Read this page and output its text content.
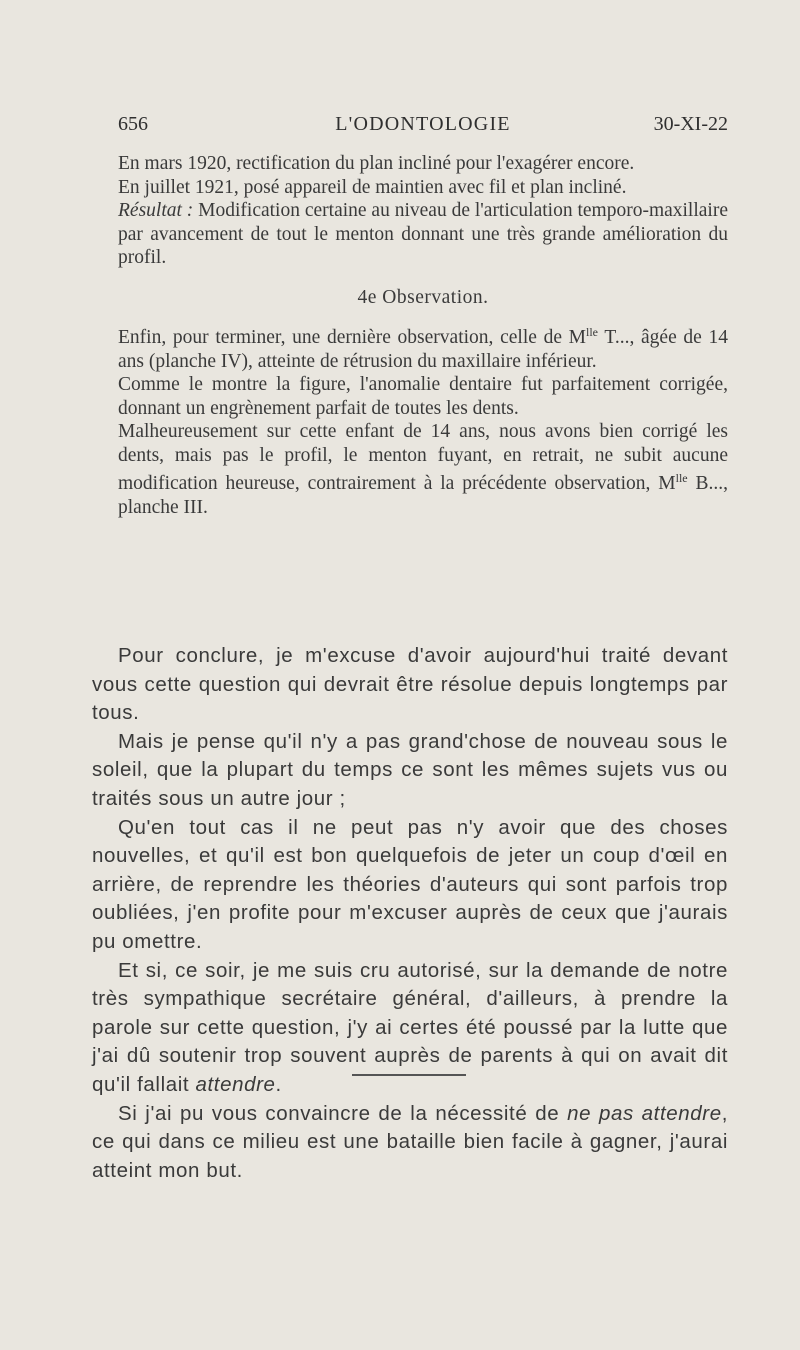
656	L'ODONTOLOGIE	30-XI-22

En mars 1920, rectification du plan incliné pour l'exagérer encore.

En juillet 1921, posé appareil de maintien avec fil et plan incliné.

Résultat : Modification certaine au niveau de l'articulation temporo-maxillaire par avancement de tout le menton donnant une très grande amélioration du profil.

4e Observation.

Enfin, pour terminer, une dernière observation, celle de $M^{lle}$ T..., âgée de 14 ans (planche IV), atteinte de rétrusion du maxillaire inférieur.

Comme le montre la figure, l'anomalie dentaire fut parfaitement corrigée, donnant un engrènement parfait de toutes les dents.

Malheureusement sur cette enfant de 14 ans, nous avons bien corrigé les dents, mais pas le profil, le menton fuyant, en retrait, ne subit aucune modification heureuse, contrairement à la précédente observation, $M^{lle}$ B..., planche III.

Pour conclure, je m'excuse d'avoir aujourd'hui traité devant vous cette question qui devrait être résolue depuis longtemps par tous.

Mais je pense qu'il n'y a pas grand'chose de nouveau sous le soleil, que la plupart du temps ce sont les mêmes sujets vus ou traités sous un autre jour ;

Qu'en tout cas il ne peut pas n'y avoir que des choses nouvelles, et qu'il est bon quelquefois de jeter un coup d'œil en arrière, de reprendre les théories d'auteurs qui sont parfois trop oubliées, j'en profite pour m'excuser auprès de ceux que j'aurais pu omettre.

Et si, ce soir, je me suis cru autorisé, sur la demande de notre très sympathique secrétaire général, d'ailleurs, à prendre la parole sur cette question, j'y ai certes été poussé par la lutte que j'ai dû soutenir trop souvent auprès de parents à qui on avait dit qu'il fallait attendre.

Si j'ai pu vous convaincre de la nécessité de ne pas attendre, ce qui dans ce milieu est une bataille bien facile à gagner, j'aurai atteint mon but.
